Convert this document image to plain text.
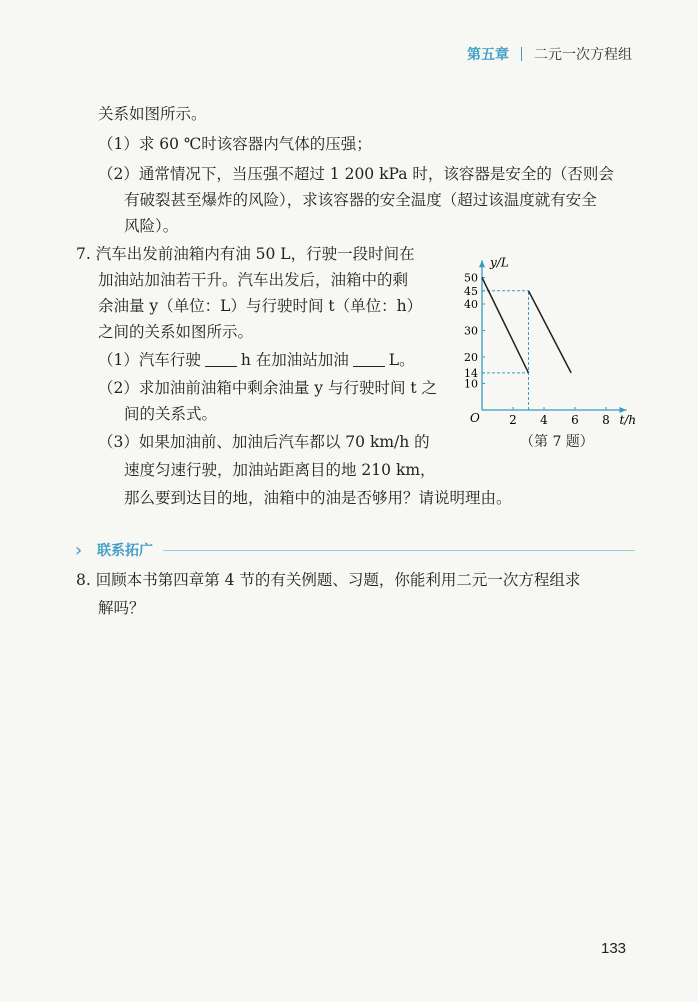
第五章 二元一次方程组
关系如图所示。
（1）求 60 ℃时该容器内气体的压强；
（2）通常情况下，当压强不超过 1 200 kPa 时，该容器是安全的（否则会
有破裂甚至爆炸的风险），求该容器的安全温度（超过该温度就有安全
风险）。
7. 汽车出发前油箱内有油 50 L，行驶一段时间在
加油站加油若干升。汽车出发后，油箱中的剩
余油量 y（单位：L）与行驶时间 t（单位：h）
之间的关系如图所示。
（1）汽车行驶	h 在加油站加油	L。
（2）求加油前油箱中剩余油量 y 与行驶时间 t 之
间的关系式。
（3）如果加油前、加油后汽车都以 70 km/h 的
速度匀速行驶，加油站距离目的地 210 km，
那么要到达目的地，油箱中的油是否够用？请说明理由。
y/L
t/h
O 2 4 6 8
10
14
20
30
40
45
50
（第 7 题）
›	联系拓广
8. 回顾本书第四章第 4 节的有关例题、习题，你能利用二元一次方程组求
解吗？
133
